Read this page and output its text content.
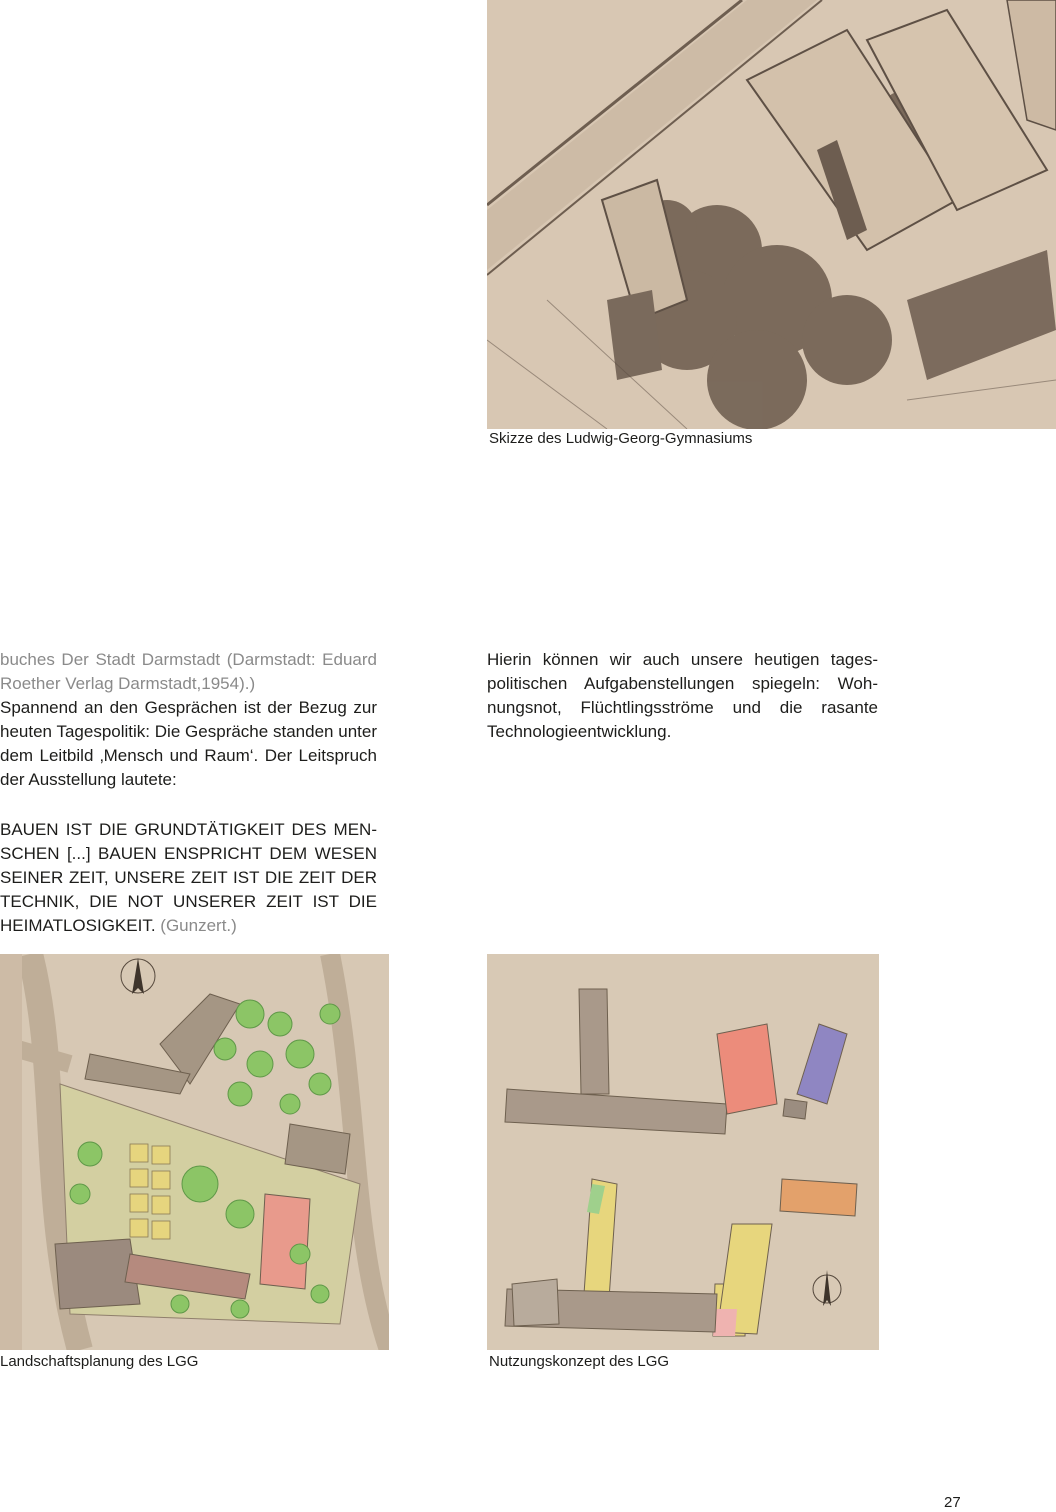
Skizze des Ludwig-Georg-Gymnasiums
buches Der Stadt Darmstadt (Darmstadt: Eduard Roether Verlag Darmstadt,1954).)
Spannend an den Gesprächen ist der Bezug zur heuten Tagespolitik: Die Gespräche standen unter dem Leitbild ‚Mensch und Raum‘. Der Leitspruch der Ausstellung lautete:
BAUEN IST DIE GRUNDTÄTIGKEIT DES MENSCHEN [...] BAUEN ENSPRICHT DEM WESEN SEINER ZEIT, UNSERE ZEIT IST DIE ZEIT DER TECHNIK, DIE NOT UNSERER ZEIT IST DIE HEIMATLOSIGKEIT. (Gunzert.)
Hierin können wir auch unsere heutigen tagespolitischen Aufgabenstellungen spiegeln: Wohnungsnot, Flüchtlingsströme und die rasante Technologieentwicklung.
Landschaftsplanung des LGG	Nutzungskonzept des LGG
27
